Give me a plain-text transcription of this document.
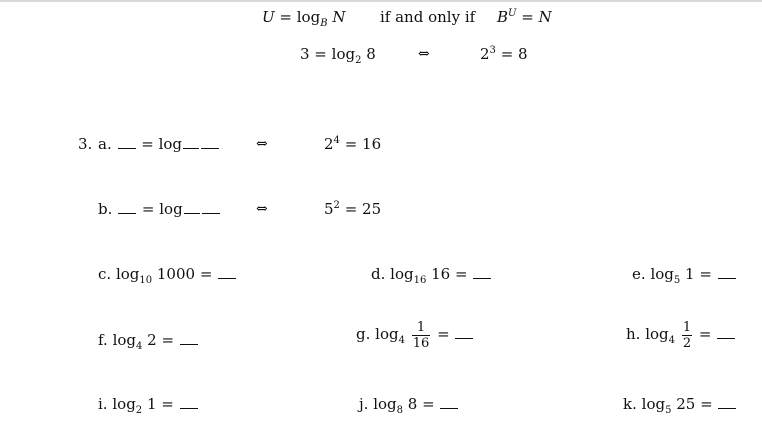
$U = \log_B N$ if and only if $B^U = N$
$3 = \log_2 8$	⇔	$2^3 = 8$
3. a.  = log	⇔	$2^4 = 16$
b.  = log	⇔	$5^2 = 25$
c. $\log_{10} 1000$ =	d. $\log_{16} 16$ =	e. $\log_5 1$ =
f. $\log_4 2$ =	g. $\log_4 \frac{1}{16}$ =	h. $\log_4 \frac{1}{2}$ =
i. $\log_2 1$ =	j. $\log_8 8$ =	k. $\log_5 25$ =
